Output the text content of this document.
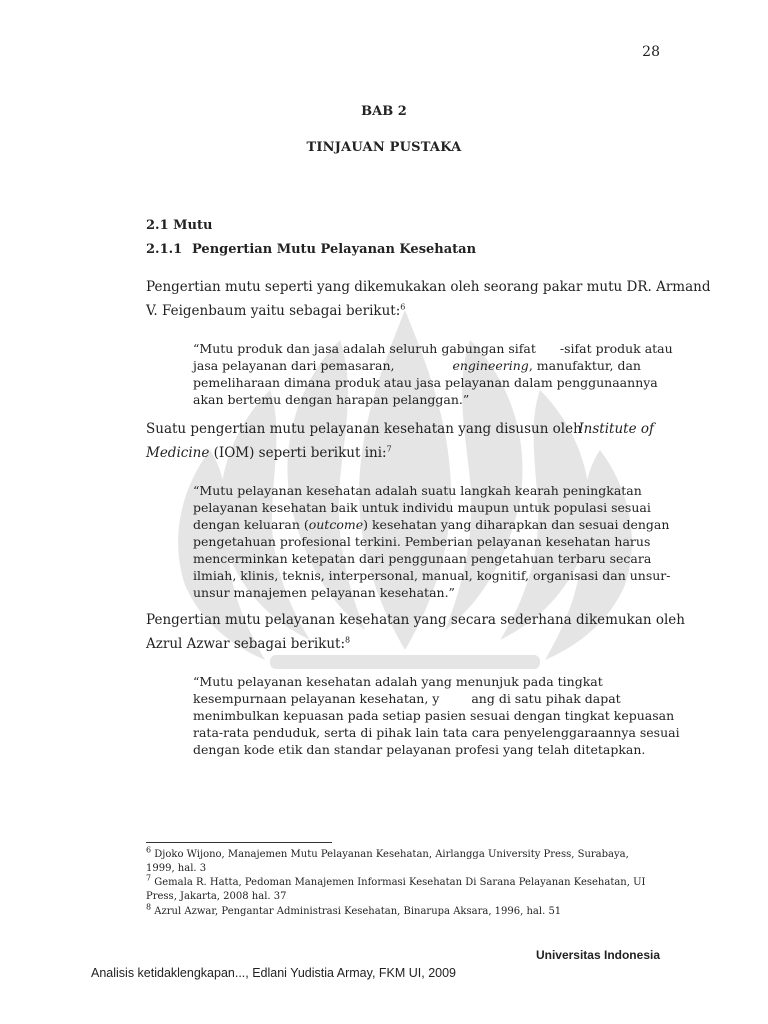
28
BAB 2
TINJAUAN PUSTAKA
2.1 Mutu
2.1.1 Pengertian Mutu Pelayanan Kesehatan
Pengertian mutu seperti yang dikemukakan oleh seorang pakar mutu DR. Armand
V. Feigenbaum yaitu sebagai berikut:$^6$
“Mutu produk dan jasa adalah seluruh gabungan sifat -sifat produk atau
jasa pelayanan dari pemasaran,	engineering, manufaktur, dan
pemeliharaan dimana produk atau jasa pelayanan dalam penggunaannya
akan bertemu dengan harapan pelanggan.”
Suatu pengertian mutu pelayanan kesehatan yang disusun oleh
Institute of
Medicine (IOM) seperti berikut ini:$^7$
“Mutu pelayanan kesehatan adalah suatu langkah kearah peningkatan
pelayanan kesehatan baik untuk individu maupun untuk populasi sesuai
dengan keluaran (outcome) kesehatan yang diharapkan dan sesuai dengan
pengetahuan profesional terkini. Pemberian pelayanan kesehatan harus
mencerminkan ketepatan dari penggunaan pengetahuan terbaru secara
ilmiah, klinis, teknis, interpersonal, manual, kognitif, organisasi dan unsur-
unsur manajemen pelayanan kesehatan.”
Pengertian mutu pelayanan kesehatan yang secara sederhana dikemukan oleh
Azrul Azwar sebagai berikut:$^8$
“Mutu pelayanan kesehatan adalah yang menunjuk pada tingkat
kesempurnaan pelayanan kesehatan, y	ang di satu pihak dapat
menimbulkan kepuasan pada setiap pasien sesuai dengan tingkat kepuasan
rata-rata penduduk, serta di pihak lain tata cara penyelenggaraannya sesuai
dengan kode etik dan standar pelayanan profesi yang telah ditetapkan.
$^6$ Djoko Wijono, Manajemen Mutu Pelayanan Kesehatan, Airlangga University Press, Surabaya,
1999, hal. 3
$^7$ Gemala R. Hatta, Pedoman Manajemen Informasi Kesehatan Di Sarana Pelayanan Kesehatan, UI
Press, Jakarta, 2008 hal. 37
$^8$ Azrul Azwar, Pengantar Administrasi Kesehatan, Binarupa Aksara, 1996, hal. 51
Universitas Indonesia
Analisis ketidaklengkapan..., Edlani Yudistia Armay, FKM UI, 2009
